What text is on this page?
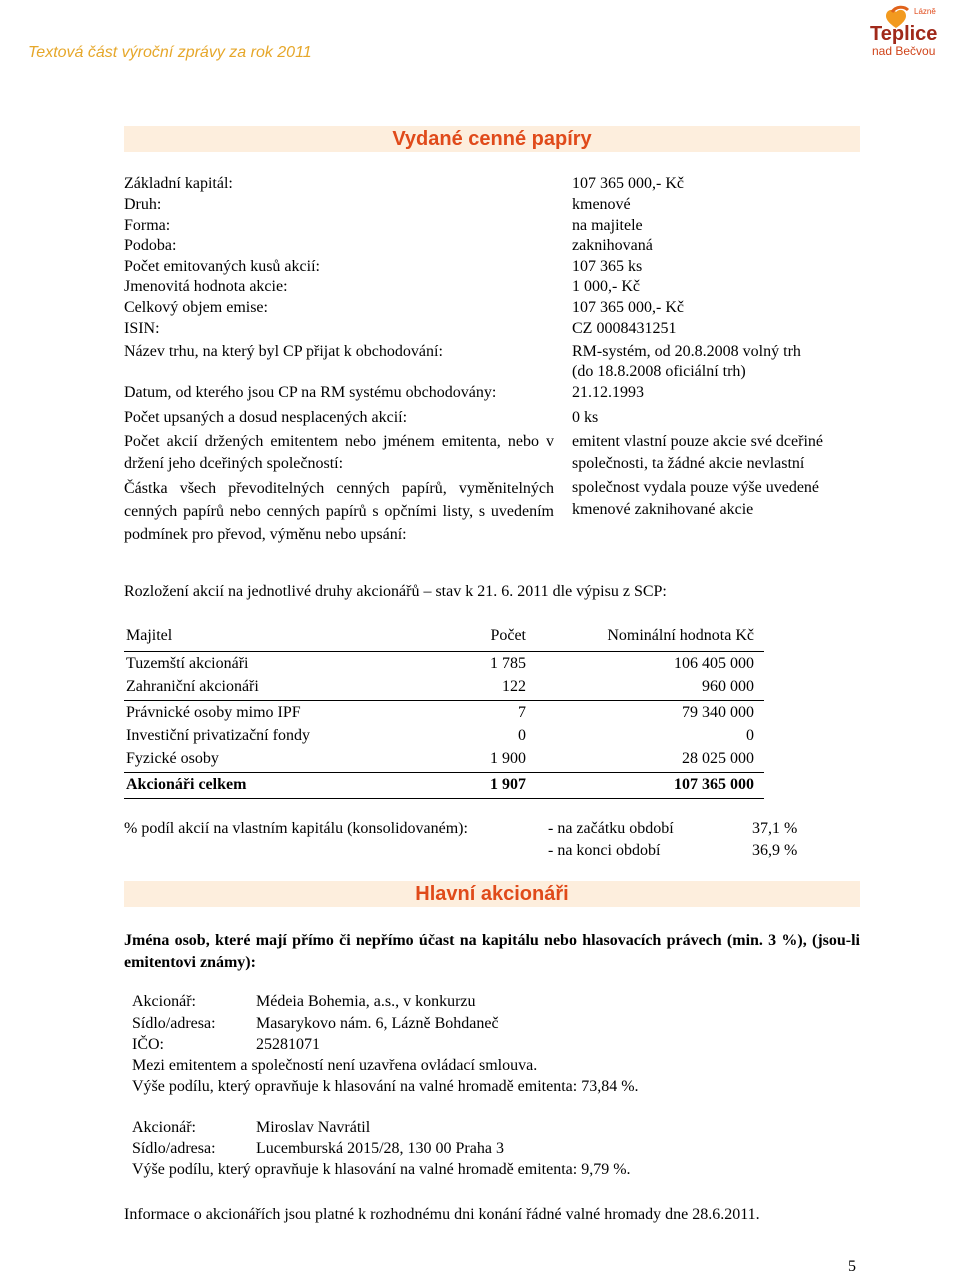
Textová část výroční zprávy za rok 2011
Lázně
Teplice
nad Bečvou
Vydané cenné papíry
Základní kapitál:	107 365 000,- Kč
Druh:	kmenové
Forma:	na majitele
Podoba:	zaknihovaná
Počet emitovaných kusů akcií:	107 365 ks
Jmenovitá hodnota akcie:	1 000,- Kč
Celkový objem emise:	107 365 000,- Kč
ISIN:	CZ 0008431251
Název trhu, na který byl CP přijat k obchodování:	RM-systém, od 20.8.2008 volný trh
(do 18.8.2008 oficiální trh)
Datum, od kterého jsou CP na RM systému obchodovány:	21.12.1993
Počet upsaných a dosud nesplacených akcií:	0 ks
Počet akcií držených emitentem nebo jménem emitenta, nebo v držení jeho dceřiných společností:
emitent vlastní pouze akcie své dceřiné společnosti, ta žádné akcie nevlastní
Částka všech převoditelných cenných papírů, vyměnitelných cenných papírů nebo cenných papírů s opčními listy, s uvedením podmínek pro převod, výměnu nebo upsání:
společnost vydala pouze výše uvedené kmenové zaknihované akcie
Rozložení akcií na jednotlivé druhy akcionářů – stav k 21. 6. 2011 dle výpisu z SCP:
Majitel	Počet	Nominální hodnota Kč
Tuzemští akcionáři	1 785	106 405 000
Zahraniční akcionáři	122	960 000
Právnické osoby mimo IPF	7	79 340 000
Investiční privatizační fondy	0	0
Fyzické osoby	1 900	28 025 000
Akcionáři celkem	1 907	107 365 000
% podíl akcií na vlastním kapitálu (konsolidovaném):	- na začátku období	37,1 %
- na konci období	36,9 %
Hlavní akcionáři
Jména osob, které mají přímo či nepřímo účast na kapitálu nebo hlasovacích právech (min. 3 %), (jsou-li emitentovi známy):
Akcionář:	Médeia Bohemia, a.s., v konkurzu
Sídlo/adresa:	Masarykovo nám. 6, Lázně Bohdaneč
IČO:	25281071
Mezi emitentem a společností není uzavřena ovládací smlouva.
Výše podílu, který opravňuje k hlasování na valné hromadě emitenta: 73,84 %.
Akcionář:	Miroslav Navrátil
Sídlo/adresa:	Lucemburská 2015/28, 130 00 Praha 3
Výše podílu, který opravňuje k hlasování na valné hromadě emitenta: 9,79 %.
Informace o akcionářích jsou platné k rozhodnému dni konání řádné valné hromady dne 28.6.2011.
5
